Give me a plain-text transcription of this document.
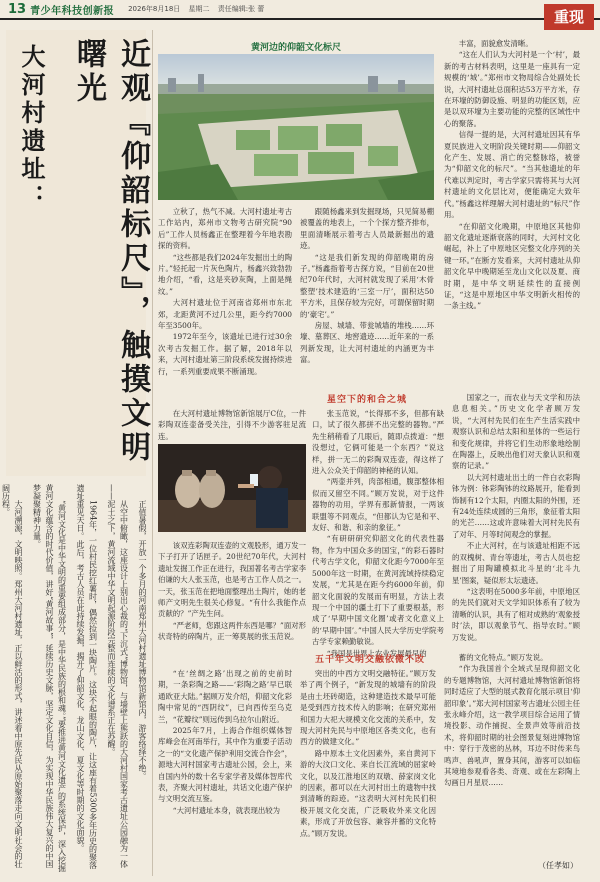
13 青少年科技创新报 2026年8月18日 星期二 责任编辑:张 蕾	重现
近观『仰韶标尺』，触摸文明曙光
大河村遗址：

正值暑假，开放一个多月的河南郑州大河村遗址博物馆新馆内，游客络绎不绝。

从空中俯瞰，这座设计上别出心裁的“下沉式”博物馆，与墙壁上熊跃的大河村国家考古遗址公园融为一体——泥土之下，黄河流域中华文明起源阶段完整而连续的文化谱系正在苏醒。

1964年，一位村民挖红薯时，偶然捡到一块陶片。这块不起眼的陶片，让这座有着5300多年历史的聚落遗址重见天日。此后，考古人员在此持续发掘，揭开了仰韶文化、龙山文化、夏文化等时期的文化面貌。

“黄河文化是中华文明的重要组成部分，是中华民族的根和魂。”要推进黄河文化遗产的系统保护，深入挖掘黄河文化蕴含的时代价值，讲好“黄河故事”，延续历史文脉，坚定文化自信，为实现中华民族伟大复兴的中国梦凝聚精神力量。

大河溯源，文明映照。郑州大河村遗址，正以鲜活的形式，讲述着中原先民从原始聚落走向文明社会的壮阔历程。

黄河边的仰韶文化标尺

立秋了，热气不减。大河村遗址考古工作站内，郑州市文物考古研究院“90后”工作人员杨鑫正在整理着今年地表勘探的资料。

“这些都是我们2024年发掘出土的陶片。”轻托起一片灰色陶片，杨鑫兴致勃勃地介绍，“看，这是夹砂灰陶，上面是绳纹。”

大河村遗址位于河南省郑州市东北郊，北距黄河不过几公里，距今约7000年至3500年。

1972年至今，该遗址已进行过30余次考古发掘工作。据了解，2018年以来，大河村遗址第三阶段系统发掘持续进行，一系列重要成果不断涌现。

跟随杨鑫来到发掘现场，只见简易棚被覆盖的地表上，一个个探方整齐排布，里面清晰展示着考古人员最新掘出的遗迹。

“这是我们新发现的仰韶晚期的房子。”杨鑫指着考古探方说，“目前在20世纪70年代时，大河村就发现了采用‘木骨整塑’技术建造的‘三室一厅’，面积达50平方米，且保存较为完好，可谓保留时期的‘豪宅’。”

房屋、城墙、带瓮城墙的堆栈……环壕、墓葬区、地窖遗迹……近年来的一系列新发现，让大河村遗址的内涵更为丰富。

丰富，面貌愈发清晰。

“这在人们认为大河村是一个‘村’，最新的考古材料表明，这里是一座具有一定规模的‘城’。”郑州市文物局综合处副处长说，大河村遗址总面积达53万平方米，存在环壕的防御设施、明显的功能区划，应是以双环壕为主要功能的完整的区域性中心的聚落。

信得一提的是，大河村遗址因其有华夏民族进入文明阶段关键时期——仰韶文化产生、发展、消亡的完整脉络，被誉为“仰韶文化的标尺”。“当其他遗址的年代难以判定时，考古学家只需将其与大河村遗址的文化层比对，便能确定大致年代。”杨鑫这样理解大河村遗址的“标尺”作用。

“在仰韶文化晚期，中原地区其他仰韶文化遗址逐渐衰落的同时，大河村文化崛起，补上了中原地区完整文化序列的关键一环。”在断方发看来，大河村遗址从仰韶文化早中晚期延至龙山文化以及夏、商时期，是中华文明延续性的直接例证，“这是中原地区中华文明新火相传的一条主线。”

星空下的和合之城

在大河村遗址博物馆新馆展厅C位，一件彩陶双连壶备受关注，引得不少游客驻足流连。

该双连彩陶双连壶的文观股形，通万发一下子打开了话匣子。20世纪70年代，大河村遗址发掘工作正在进行，我国著名考古学家李伯谦的大人张玉范，也是考古工作人员之一。一天，张玉范在把地面整理出土陶片，她的老师产文明先生很关心修复。“有什么我能作点贡献的？”产先生问。

“严老师，您跟这两件东西是哪？”面对形状奇特的碎陶片，正一筹莫展的张玉范说。

张玉范说，“长得那不多，但都有缺口，试了很久都拼不出完整的器物。”严先生稍稍看了几眼后，随即点拨道：“想没想过，它俩可能是一个东西？”说这样，拼一无二的彩陶双连壶，得这样了进入公众关于仰韶的神秘的认知。

“两壶并列，肉部相通，腹部整体相似而又留空不同。”顾万发说，对于这件器物的功用，学界有那新情报，一两该联盟等不同观点，“但都认为它是和平、友好、和谐、和亲的象征。”

“有研研研究仰韶文化的代表性器物，作为中国众多的国宝，”的彩石器时代考古学文化，仰韶文化距今7000年至5000年这一时期，在黄河流域持续稳定发展，“尤其是在距今约6000年前，仰韶文化面貌的发展而有明显，方法上表现一个中国的疆土打下了重要根基，形成了‘早期中国文化圈’或者文化意义上的‘早期中国’。”中国人民大学历史学院考古学专家赖勤敏说。

“我国是世界上农业发展最早的

国家之一，而农业与天文学和历法息息相关。”历史文化学者顾万发说，“大河村先民们在生产生活实践中观察认识和总结太阳和星体的一些运行和变化规律，并将它们生动形象地绘制在陶器上，反映出他们对天象认识和观察的记录。”

以大河村遗址出土的一件白衣彩陶钵为例：钵彩陶钵的纹路展开，能看到饰制有12个太阳，内圈太阳的外围，还有24处连续成圆的三角形，象征着太阳的光芒……这或许意味着大河村先民有了对年、月等时间观念的掌握。

不止大河村，在与该遗址相距不远的双槐树、青台等遗址，考古人员也挖掘出了用陶罐模拟北斗星的‘北斗九星’图案，疑似形太坛遗迹。

“这表明在5000多年前，中原地区的先民们就对天文学知识体系有了较为清晰的认识，具有了相对成熟的‘观象授时’法，即以观象节气、指导农时。”顾万发说。

五千年文明交融依微不改

“在‘丝绸之路’出现之前的史前时期，一条彩陶之路——‘彩陶之路’早已联通欧亚大陆。”据顾万发介绍，仰韶文化彩陶中常见的“西阴纹”，已向西传至乌克兰，“花瓣纹”则远传到乌拉尔山附近。

2025年7月，上海合作组织媒体智库峰会在河南举行，其中作为重要子活动之一的“文化遗产保护利用交流合作会”，源地大河村国家考古遗址公园，会上，来自国内外的数十名专家学者及媒体智库代表，齐聚大河村遗址，共话文化遗产保护与文明交流互鉴。

“大河村遗址本身，就表现出较为

突出的中西方文明交融特征。”顾万发举了两个例子，“新发现的城墙有的阶段是由土坯砖砌造，这种建造技术最早可能是受到西方技术传入的影响；在研究郑州和国力大祀大规模文化交流的关系中，发现大河村先民与中原地区各类文化，也有西方的做建文化。”

路中原本土文化因素外，来自黄河下游的大汶口文化、来自长江流域的屈家岭文化，以及江淮地区的双墩、薛家岗文化的因素，都可以在大河村出土的遗物中找到清晰的踪迹。“这表明大河村先民们积极开展文化交流，广泛吸收外来文化因素，形成了开放包容、兼容并蓄的文化特点。”顾万发说。

蓄的文化特点。”顾万发说。

“作为我国首个全域式呈现仰韶文化的专题博物馆，大河村遗址博物馆新馆将同时适应了大型的展式教育化展示项目‘仰韶印象’。”郑大河村国家考古遗址公园主任张永峰介绍，这一教学项目综合运用了情境投影、动作捕捉、全景声效等前沿技术，将仰韶时期的社会图景复刻进博物馆中：穿行于茂密的丛林，耳边不时传来鸟鸣声、兽吼声，置身其间，游客可以如临其境地参观看各类、奇观、或在左彩陶上勾画日月星辰……

（任孝如）
